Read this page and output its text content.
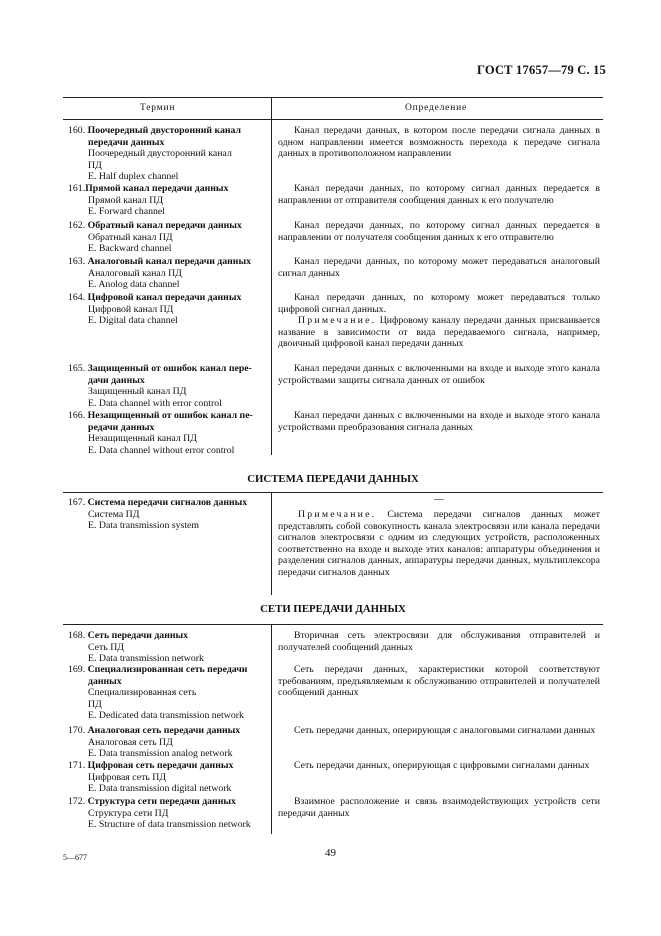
ГОСТ 17657—79 С. 15
Термин	Определение
160. Поочередный двусторонний канал
передачи данных
Поочередный двусторонний канал
ПД
E. Half duplex channel

Канал передачи данных, в котором после передачи сигнала данных в одном направлении имеется возможность перехода к передаче сигнала данных в противоположном направлении

161.Прямой канал передачи данных
Прямой канал ПД
E. Forward channel

Канал передачи данных, по которому сигнал данных передается в направлении от отправителя сообщения данных к его получателю

162. Обратный канал передачи данных
Обратный канал ПД
E. Backward channel

Канал передачи данных, по которому сигнал данных передается в направлении от получателя сообщения данных к его отправителю

163. Аналоговый канал передачи данных
Аналоговый канал ПД
E. Anolog data channel

Канал передачи данных, по которому может передаваться аналоговый сигнал данных

164. Цифровой канал передачи данных
Цифровой канал ПД
E. Digital data channel

Канал передачи данных, по которому может передаваться только цифровой сигнал данных.

Примечание. Цифровому каналу передачи данных присваивается название в зависимости от вида передаваемого сигнала, например, двоичный цифровой канал передачи данных

165. Защищенный от ошибок канал пере-
дачи данных
Защищенный канал ПД
E. Data channel with error control

Канал передачи данных с включенными на входе и выходе этого канала устройствами защиты сигнала данных от ошибок

166. Незащищенный от ошибок канал пе-
редачи данных
Незащищенный канал ПД
E. Data channel without error control

Канал передачи данных с включенными на входе и выходе этого канала устройствами преобразования сигнала данных

СИСТЕМА ПЕРЕДАЧИ ДАННЫХ
167. Система передачи сигналов данных
Система ПД
E. Data transmission system
—

Примечание. Система передачи сигналов данных может представлять собой совокупность канала электросвязи или канала передачи сигналов электросвязи с одним из следующих устройств, расположенных соответственно на входе и выходе этих каналов: аппаратуры объединения и разделения сигналов данных, аппаратуры передачи данных, мультиплексора передачи сигналов данных

СЕТИ ПЕРЕДАЧИ ДАННЫХ
168. Сеть передачи данных
Сеть ПД
E. Data transmission network

Вторичная сеть электросвязи для обслуживания отправителей и получателей сообщений данных

169. Специализированная сеть передачи
данных
Специализированная сеть
ПД
E. Dedicated data transmission network

Сеть передачи данных, характеристики которой соответствуют требованиям, предъявляемым к обслуживанию отправителей и получателей сообщений данных

170. Аналоговая сеть передачи данных
Аналоговая сеть ПД
E. Data transmission analog network

Сеть передачи данных, оперирующая с аналоговыми сигналами данных

171. Цифровая сеть передачи данных
Цифровая сеть ПД
E. Data transmission digital network

Сеть передачи данных, оперирующая с цифровыми сигналами данных

172. Структура сети передачи данных
Структура сети ПД
E. Structure of data transmission network

Взаимное расположение и связь взаимодействующих устройств сети передачи данных

5—677	49
